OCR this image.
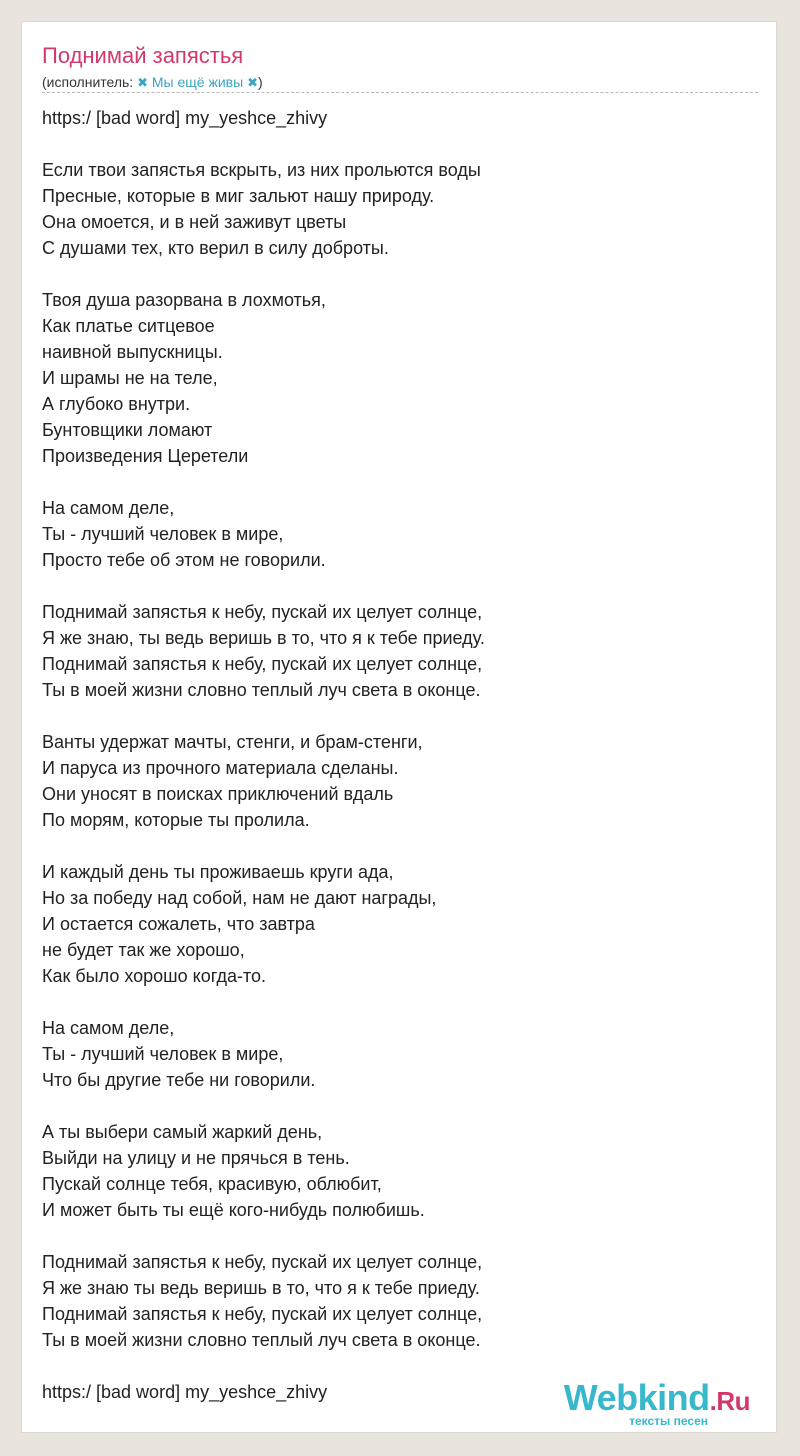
Поднимай запястья
(исполнитель: ✖ Мы ещё живы ✖)
https:/ [bad word] my_yeshce_zhivy
Если твои запястья вскрыть, из них прольются воды
Пресные, которые в миг зальют нашу природу.
Она омоется, и в ней заживут цветы
С душами тех, кто верил в силу доброты.
Твоя душа разорвана в лохмотья,
Как платье ситцевое
наивной выпускницы.
И шрамы не на теле,
А глубоко внутри.
Бунтовщики ломают
Произведения Церетели
На самом деле,
Ты - лучший человек в мире,
Просто тебе об этом не говорили.
Поднимай запястья к небу, пускай их целует солнце,
Я же знаю, ты ведь веришь в то, что я к тебе приеду.
Поднимай запястья к небу, пускай их целует солнце,
Ты в моей жизни словно теплый луч света в оконце.
Ванты удержат мачты, стенги, и брам-стенги,
И паруса из прочного материала сделаны.
Они уносят в поисках приключений вдаль
По морям, которые ты пролила.
И каждый день ты проживаешь круги ада,
Но за победу над собой, нам не дают награды,
И остается сожалеть, что завтра
не будет так же хорошо,
Как было хорошо когда-то.
На самом деле,
Ты - лучший человек в мире,
Что бы другие тебе ни говорили.
А ты выбери самый жаркий день,
Выйди на улицу и не прячься в тень.
Пускай солнце тебя, красивую, облюбит,
И может быть ты ещё кого-нибудь полюбишь.
Поднимай запястья к небу, пускай их целует солнце,
Я же знаю ты ведь веришь в то, что я к тебе приеду.
Поднимай запястья к небу, пускай их целует солнце,
Ты в моей жизни словно теплый луч света в оконце.
https:/ [bad word] my_yeshce_zhivy	Webkind.Ru
тексты песен
